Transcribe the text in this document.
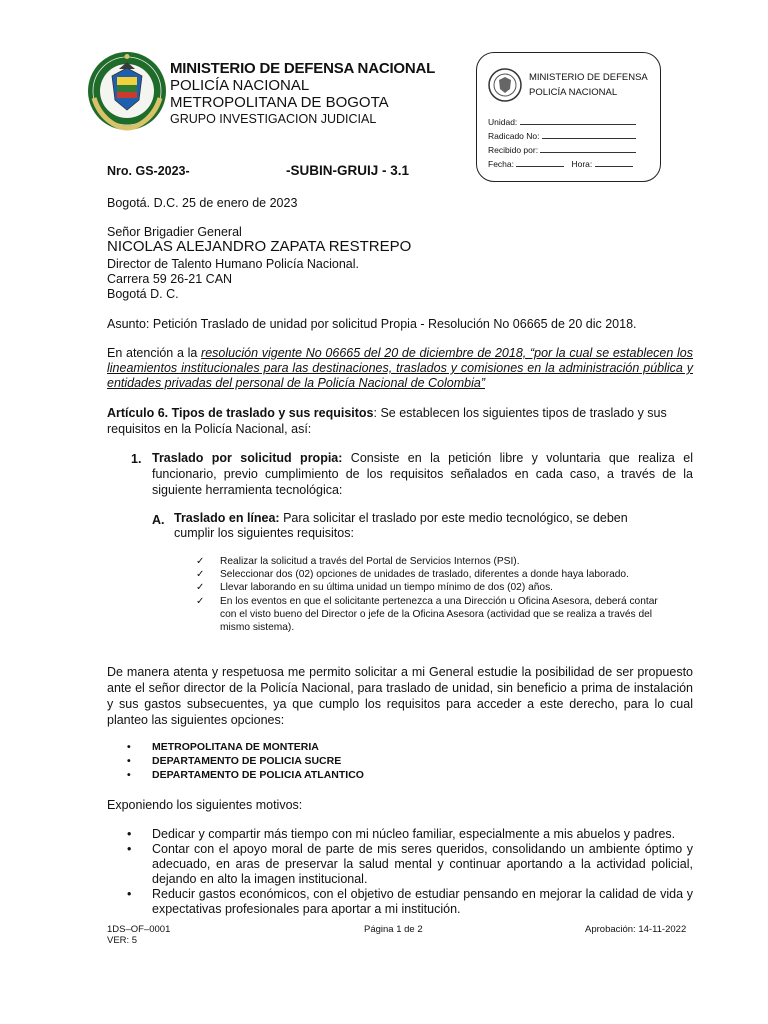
MINISTERIO DE DEFENSA NACIONAL
POLICÍA NACIONAL
METROPOLITANA DE BOGOTA
GRUPO INVESTIGACION JUDICIAL
MINISTERIO DE DEFENSA
POLICÍA NACIONAL
Unidad:
Radicado No:
Recibido por:
Fecha:	Hora:
Nro. GS-2023-	-SUBIN-GRUIJ - 3.1
Bogotá. D.C. 25 de enero de 2023
Señor Brigadier General
NICOLAS ALEJANDRO ZAPATA RESTREPO
Director de Talento Humano Policía Nacional.
Carrera 59 26-21 CAN
Bogotá D. C.
Asunto: Petición Traslado de unidad por solicitud Propia - Resolución No 06665 de 20 dic 2018.
En atención a la resolución vigente No 06665 del 20 de diciembre de 2018, “por la cual se establecen los lineamientos institucionales para las destinaciones, traslados y comisiones en la administración pública y entidades privadas del personal de la Policía Nacional de Colombia”
Artículo 6. Tipos de traslado y sus requisitos: Se establecen los siguientes tipos de traslado y sus requisitos en la Policía Nacional, así:
1. Traslado por solicitud propia: Consiste en la petición libre y voluntaria que realiza el funcionario, previo cumplimiento de los requisitos señalados en cada caso, a través de la siguiente herramienta tecnológica:
A. Traslado en línea: Para solicitar el traslado por este medio tecnológico, se deben cumplir los siguientes requisitos:
✓ Realizar la solicitud a través del Portal de Servicios Internos (PSI).
✓ Seleccionar dos (02) opciones de unidades de traslado, diferentes a donde haya laborado.
✓ Llevar laborando en su última unidad un tiempo mínimo de dos (02) años.
✓ En los eventos en que el solicitante pertenezca a una Dirección u Oficina Asesora, deberá contar con el visto bueno del Director o jefe de la Oficina Asesora (actividad que se realiza a través del mismo sistema).
De manera atenta y respetuosa me permito solicitar a mi General estudie la posibilidad de ser propuesto ante el señor director de la Policía Nacional, para traslado de unidad, sin beneficio a prima de instalación y sus gastos subsecuentes, ya que cumplo los requisitos para acceder a este derecho, para lo cual planteo las siguientes opciones:
• METROPOLITANA DE MONTERIA
• DEPARTAMENTO DE POLICIA SUCRE
• DEPARTAMENTO DE POLICIA ATLANTICO
Exponiendo los siguientes motivos:
• Dedicar y compartir más tiempo con mi núcleo familiar, especialmente a mis abuelos y padres.
• Contar con el apoyo moral de parte de mis seres queridos, consolidando un ambiente óptimo y adecuado, en aras de preservar la salud mental y continuar aportando a la actividad policial, dejando en alto la imagen institucional.
• Reducir gastos económicos, con el objetivo de estudiar pensando en mejorar la calidad de vida y expectativas profesionales para aportar a mi institución.
1DS–OF–0001
VER: 5
Página 1 de 2	Aprobación: 14-11-2022
